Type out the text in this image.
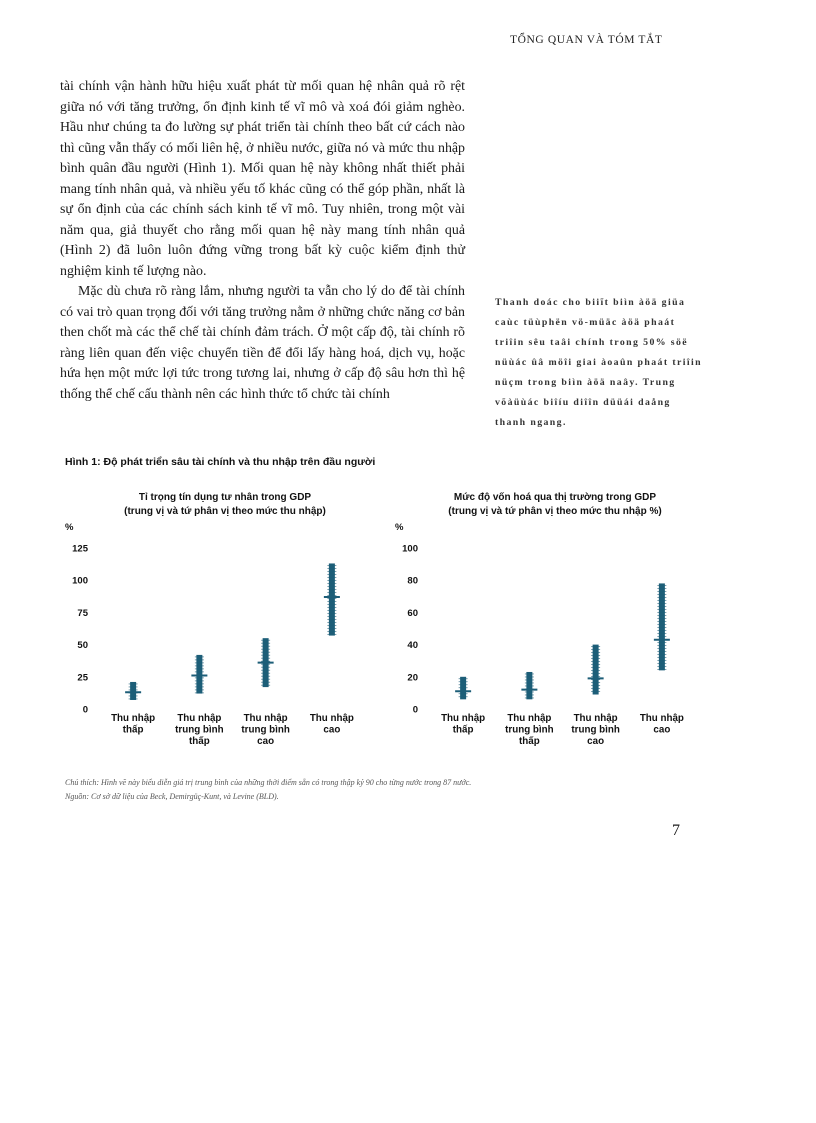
TỔNG QUAN VÀ TÓM TẮT

tài chính vận hành hữu hiệu xuất phát từ mối quan hệ nhân quả rõ rệt giữa nó với tăng trưởng, ổn định kinh tế vĩ mô và xoá đói giảm nghèo. Hầu như chúng ta đo lường sự phát triển tài chính theo bất cứ cách nào thì cũng vẫn thấy có mối liên hệ, ở nhiều nước, giữa nó và mức thu nhập bình quân đầu người (Hình 1). Mối quan hệ này không nhất thiết phải mang tính nhân quả, và nhiều yếu tố khác cũng có thể góp phần, nhất là sự ổn định của các chính sách kinh tế vĩ mô. Tuy nhiên, trong một vài năm qua, giả thuyết cho rằng mối quan hệ này mang tính nhân quả (Hình 2) đã luôn luôn đứng vững trong bất kỳ cuộc kiểm định thử nghiệm kinh tế lượng nào.

Mặc dù chưa rõ ràng lắm, nhưng người ta vẫn cho lý do để tài chính có vai trò quan trọng đối với tăng trưởng nằm ở những chức năng cơ bản then chốt mà các thể chế tài chính đảm trách. Ở một cấp độ, tài chính rõ ràng liên quan đến việc chuyển tiền để đổi lấy hàng hoá, dịch vụ, hoặc hứa hẹn một mức lợi tức trong tương lai, nhưng ở cấp độ sâu hơn thì hệ thống thể chế cấu thành nên các hình thức tổ chức tài chính

Thanh doác cho biiĩt biìn àöä giüa caùc tüùphën vö-müäc àöä phaát triîin sêu taâi chính trong 50% söë nüùác ûâ möîi giai àoaûn phaát triîin nüçm trong biìn àöä naây. Trung võàüùác biîíu diîîn düüái daång thanh ngang.
Hình 1: Độ phát triển sâu tài chính và thu nhập trên đầu người
Tỉ trọng tín dụng tư nhân trong GDP
(trung vị và tứ phân vị theo mức thu nhập)
%
0
25
50
75
100
125
Thu nhập thấp
Thu nhập trung bình thấp
Thu nhập trung bình cao
Thu nhập cao
Mức độ vốn hoá qua thị trường trong GDP
(trung vị và tứ phân vị theo mức thu nhập %)
%
0
20
40
60
80
100
Thu nhập thấp
Thu nhập trung bình thấp
Thu nhập trung bình cao
Thu nhập cao
Chú thích: Hình vẽ này biểu diễn giá trị trung bình của những thời điểm sẵn có trong thập kỷ 90 cho từng nước trong 87 nước.
Nguồn: Cơ sở dữ liệu của Beck, Demirgüç-Kunt, và Levine (BLD).
7
